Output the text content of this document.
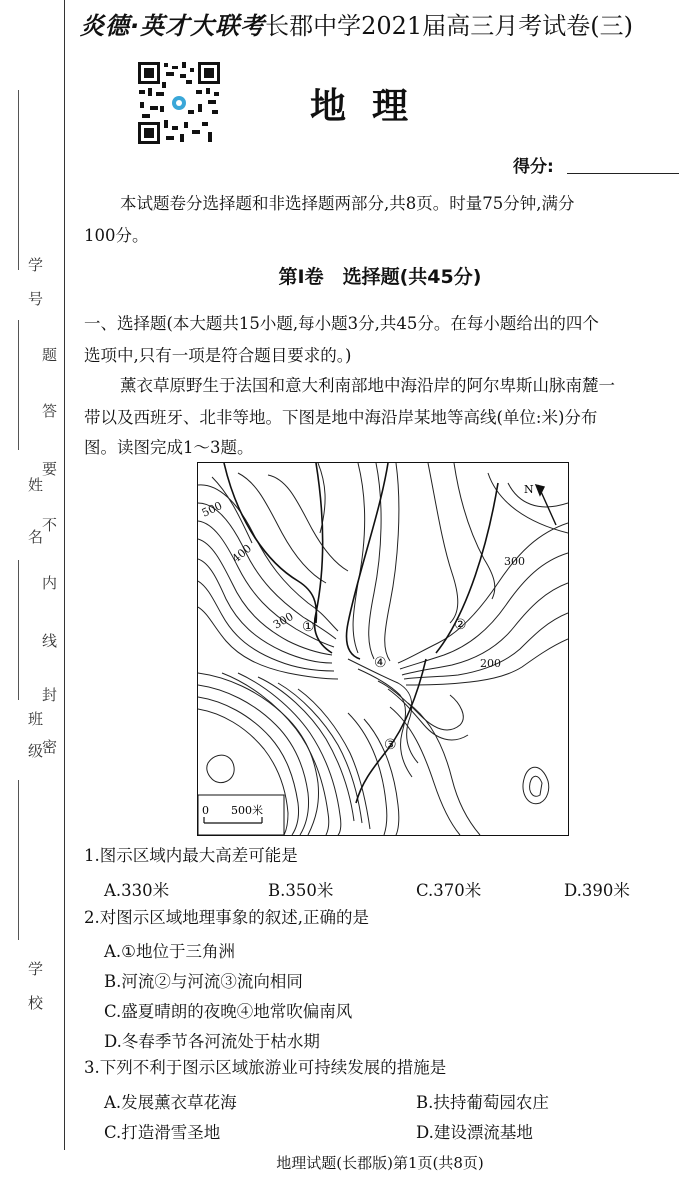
学
号
姓
名
班
级
学
校
密
封
线
内
不
要
答
题
炎德·英才大联考长郡中学2021届高三月考试卷(三)
地理
得分:
本试题卷分选择题和非选择题两部分,共8页。时量75分钟,满分
100分。
第Ⅰ卷　选择题(共45分)
一、选择题(本大题共15小题,每小题3分,共45分。在每小题给出的四个
选项中,只有一项是符合题目要求的。)
薰衣草原野生于法国和意大利南部地中海沿岸的阿尔卑斯山脉南麓一
带以及西班牙、北非等地。下图是地中海沿岸某地等高线(单位:米)分布
图。读图完成1～3题。
N
500
400
300
300
200
①	②
③
④
0　　500米
1.图示区域内最大高差可能是
A.330米	B.350米	C.370米	D.390米
2.对图示区域地理事象的叙述,正确的是
A.①地位于三角洲
B.河流②与河流③流向相同
C.盛夏晴朗的夜晚④地常吹偏南风
D.冬春季节各河流处于枯水期
3.下列不利于图示区域旅游业可持续发展的措施是
A.发展薰衣草花海	B.扶持葡萄园农庄
C.打造滑雪圣地	D.建设漂流基地
地理试题(长郡版)第1页(共8页)
